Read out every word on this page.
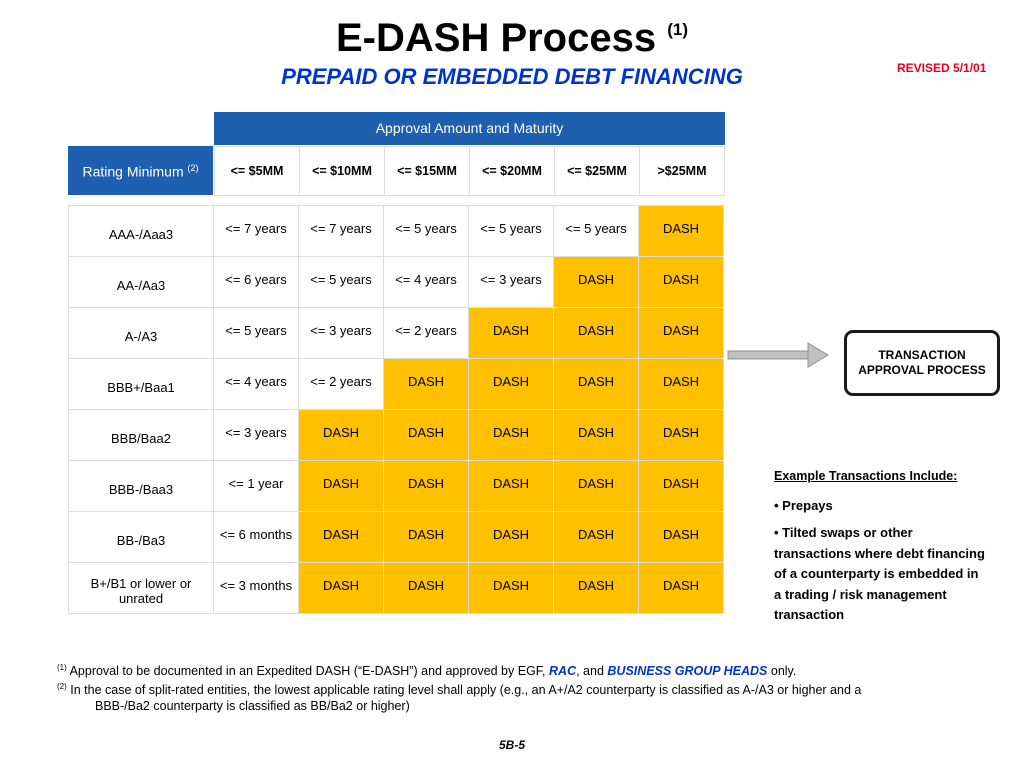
E-DASH Process $^{(1)}$
PREPAID OR EMBEDDED DEBT FINANCING	REVISED 5/1/01
Approval Amount and Maturity
Rating Minimum $^{(2)}$	<= $5MM	<= $10MM	<= $15MM	<= $20MM	<= $25MM	>$25MM
AAA-/Aaa3	<= 7 years	<= 7 years	<= 5 years	<= 5 years	<= 5 years	DASH
AA-/Aa3	<= 6 years	<= 5 years	<= 4 years	<= 3 years	DASH	DASH
A-/A3	<= 5 years	<= 3 years	<= 2 years	DASH	DASH	DASH
BBB+/Baa1	<= 4 years	<= 2 years	DASH	DASH	DASH	DASH
BBB/Baa2	<= 3 years	DASH	DASH	DASH	DASH	DASH
BBB-/Baa3	<= 1 year	DASH	DASH	DASH	DASH	DASH
BB-/Ba3	<= 6 months	DASH	DASH	DASH	DASH	DASH
B+/B1 or lower or unrated	<= 3 months	DASH	DASH	DASH	DASH	DASH
TRANSACTION APPROVAL PROCESS
Example Transactions Include:
• Prepays
• Tilted swaps or other transactions where debt financing of a counterparty is embedded in a trading / risk management transaction
$^{(1)}$ Approval to be documented in an Expedited DASH (“E-DASH”) and approved by EGF, RAC, and BUSINESS GROUP HEADS only.
$^{(2)}$ In the case of split-rated entities, the lowest applicable rating level shall apply (e.g., an A+/A2 counterparty is classified as A-/A3 or higher and a
BBB-/Ba2 counterparty is classified as BB/Ba2 or higher)
5B-5
